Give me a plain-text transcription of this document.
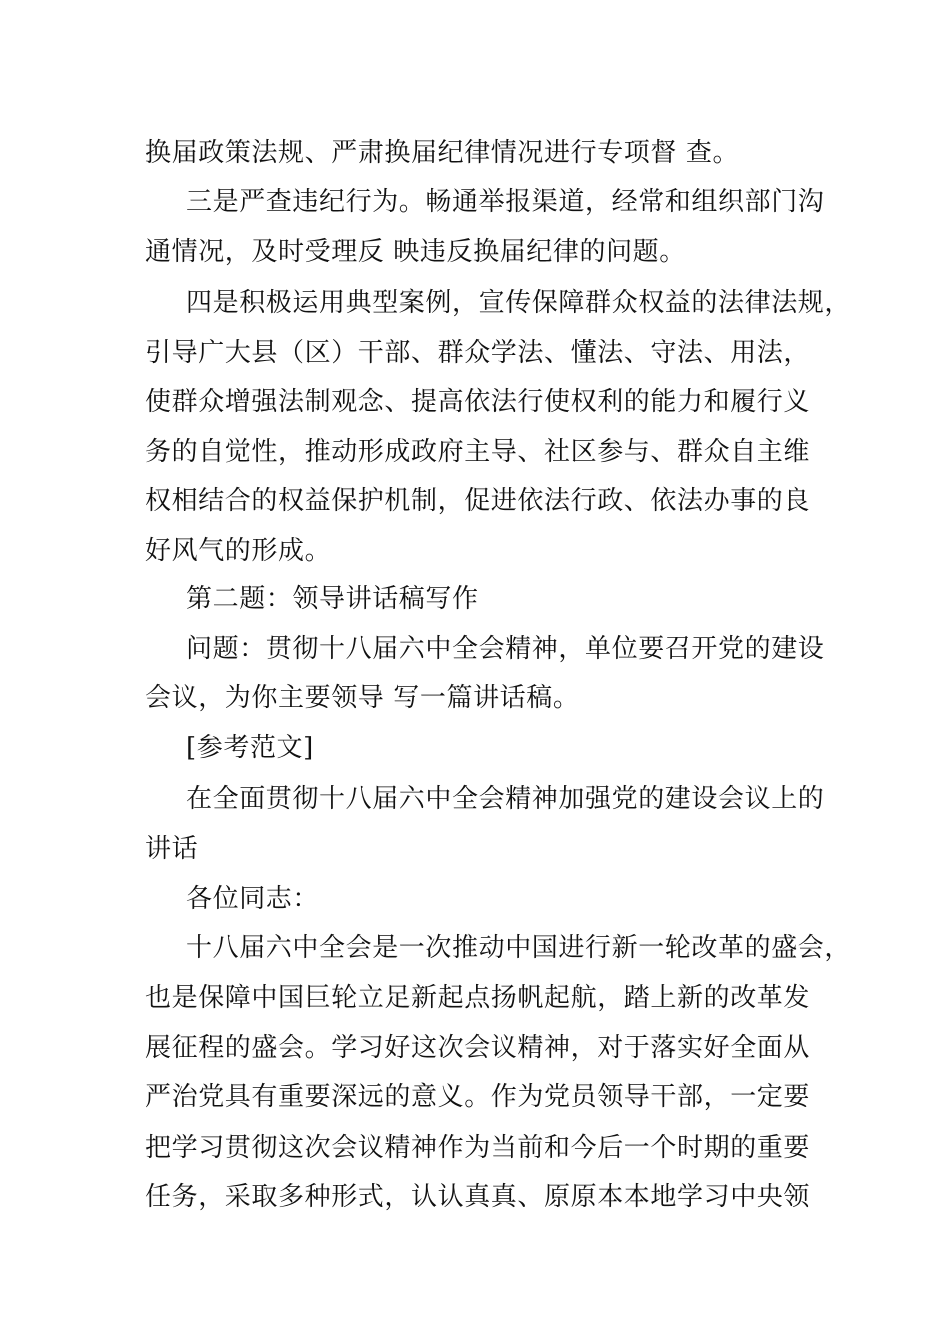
换届政策法规、严肃换届纪律情况进行专项督 查。
三是严查违纪行为。畅通举报渠道，经常和组织部门沟
通情况，及时受理反 映违反换届纪律的问题。
四是积极运用典型案例，宣传保障群众权益的法律法规，
引导广大县（区）干部、群众学法、懂法、守法、用法，
使群众增强法制观念、提高依法行使权利的能力和履行义
务的自觉性，推动形成政府主导、社区参与、群众自主维
权相结合的权益保护机制，促进依法行政、依法办事的良
好风气的形成。
第二题：领导讲话稿写作
问题：贯彻十八届六中全会精神，单位要召开党的建设
会议，为你主要领导 写一篇讲话稿。
[参考范文]
在全面贯彻十八届六中全会精神加强党的建设会议上的
讲话
各位同志：
十八届六中全会是一次推动中国进行新一轮改革的盛会，
也是保障中国巨轮立足新起点扬帆起航，踏上新的改革发
展征程的盛会。学习好这次会议精神，对于落实好全面从
严治党具有重要深远的意义。作为党员领导干部，一定要
把学习贯彻这次会议精神作为当前和今后一个时期的重要
任务，采取多种形式，认认真真、原原本本地学习中央领
